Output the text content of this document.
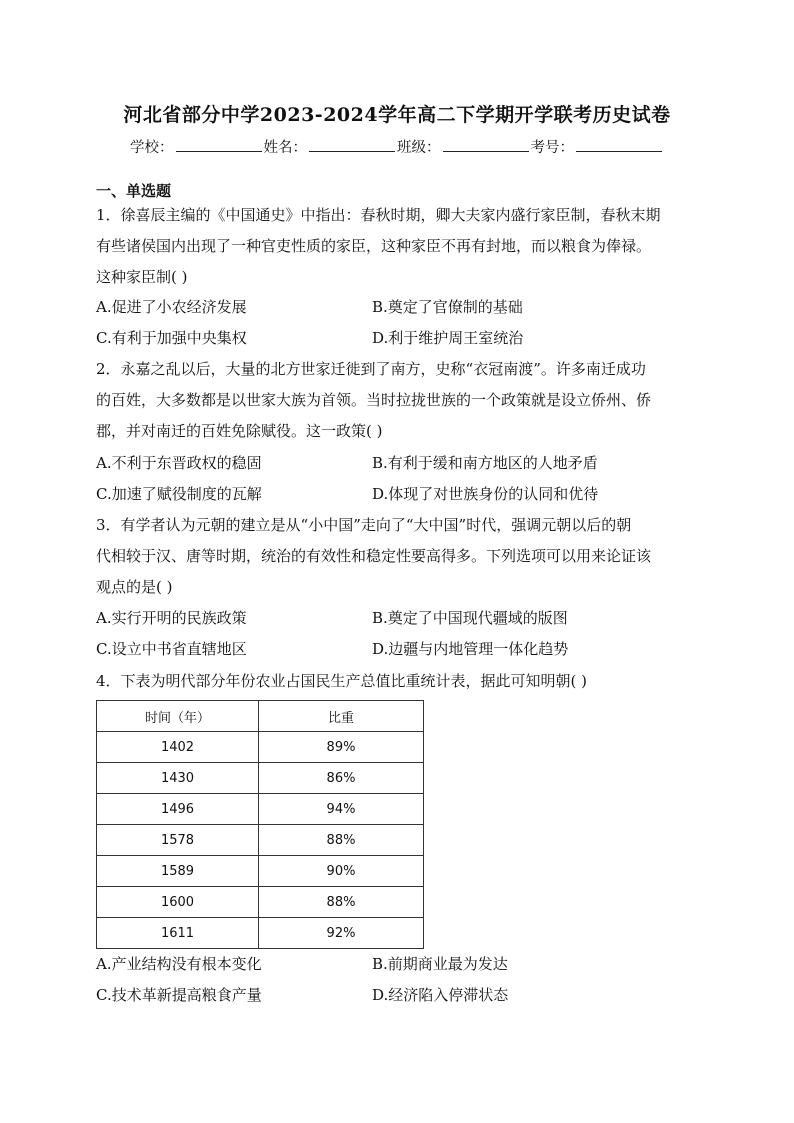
河北省部分中学2023-2024学年高二下学期开学联考历史试卷
学校：	姓名：	班级：	考号：
一、单选题

1．徐喜辰主编的《中国通史》中指出：春秋时期，卿大夫家内盛行家臣制，春秋末期

有些诸侯国内出现了一种官吏性质的家臣，这种家臣不再有封地，而以粮食为俸禄。

这种家臣制( )

A.促进了小农经济发展	B.奠定了官僚制的基础
C.有利于加强中央集权	D.利于维护周王室统治

2．永嘉之乱以后，大量的北方世家迁徙到了南方，史称“衣冠南渡”。许多南迁成功

的百姓，大多数都是以世家大族为首领。当时拉拢世族的一个政策就是设立侨州、侨

郡，并对南迁的百姓免除赋役。这一政策( )

A.不利于东晋政权的稳固	B.有利于缓和南方地区的人地矛盾
C.加速了赋役制度的瓦解	D.体现了对世族身份的认同和优待

3．有学者认为元朝的建立是从“小中国”走向了“大中国”时代，强调元朝以后的朝

代相较于汉、唐等时期，统治的有效性和稳定性要高得多。下列选项可以用来论证该

观点的是( )

A.实行开明的民族政策	B.奠定了中国现代疆域的版图
C.设立中书省直辖地区	D.边疆与内地管理一体化趋势

4．下表为明代部分年份农业占国民生产总值比重统计表，据此可知明朝( )

时间（年）	比重
1402	89%
1430	86%
1496	94%
1578	88%
1589	90%
1600	88%
1611	92%
A.产业结构没有根本变化	B.前期商业最为发达
C.技术革新提高粮食产量	D.经济陷入停滞状态
